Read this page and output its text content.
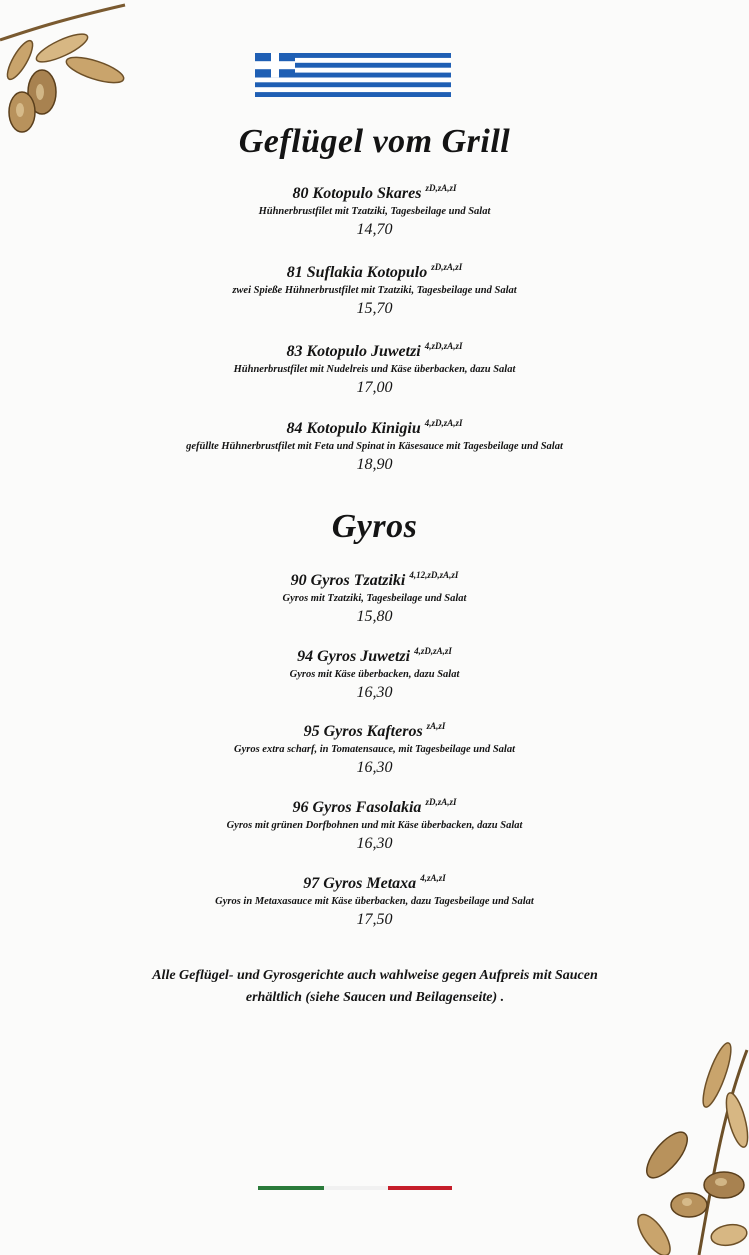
Geflügel vom Grill
80 Kotopulo Skares $^{zD,zA,zI}$
Hühnerbrustfilet mit Tzatziki, Tagesbeilage und Salat
14,70
81 Suflakia Kotopulo $^{zD,zA,zI}$
zwei Spieße Hühnerbrustfilet mit Tzatziki, Tagesbeilage und Salat
15,70
83 Kotopulo Juwetzi $^{4,zD,zA,zI}$
Hühnerbrustfilet mit Nudelreis und Käse überbacken, dazu Salat
17,00
84 Kotopulo Kinigiu $^{4,zD,zA,zI}$
gefüllte Hühnerbrustfilet mit Feta und Spinat in Käsesauce mit Tagesbeilage und Salat
18,90
Gyros
90 Gyros Tzatziki $^{4,12,zD,zA,zI}$
Gyros mit Tzatziki, Tagesbeilage und Salat
15,80
94 Gyros Juwetzi $^{4,zD,zA,zI}$
Gyros mit Käse überbacken, dazu Salat
16,30
95 Gyros Kafteros $^{zA,zI}$
Gyros extra scharf, in Tomatensauce, mit Tagesbeilage und Salat
16,30
96 Gyros Fasolakia $^{zD,zA,zI}$
Gyros mit grünen Dorfbohnen und mit Käse überbacken, dazu Salat
16,30
97 Gyros Metaxa $^{4,zA,zI}$
Gyros in Metaxasauce mit Käse überbacken, dazu Tagesbeilage und Salat
17,50
Alle Geflügel- und Gyrosgerichte auch wahlweise gegen Aufpreis mit Saucen
erhältlich (siehe Saucen und Beilagenseite) .
